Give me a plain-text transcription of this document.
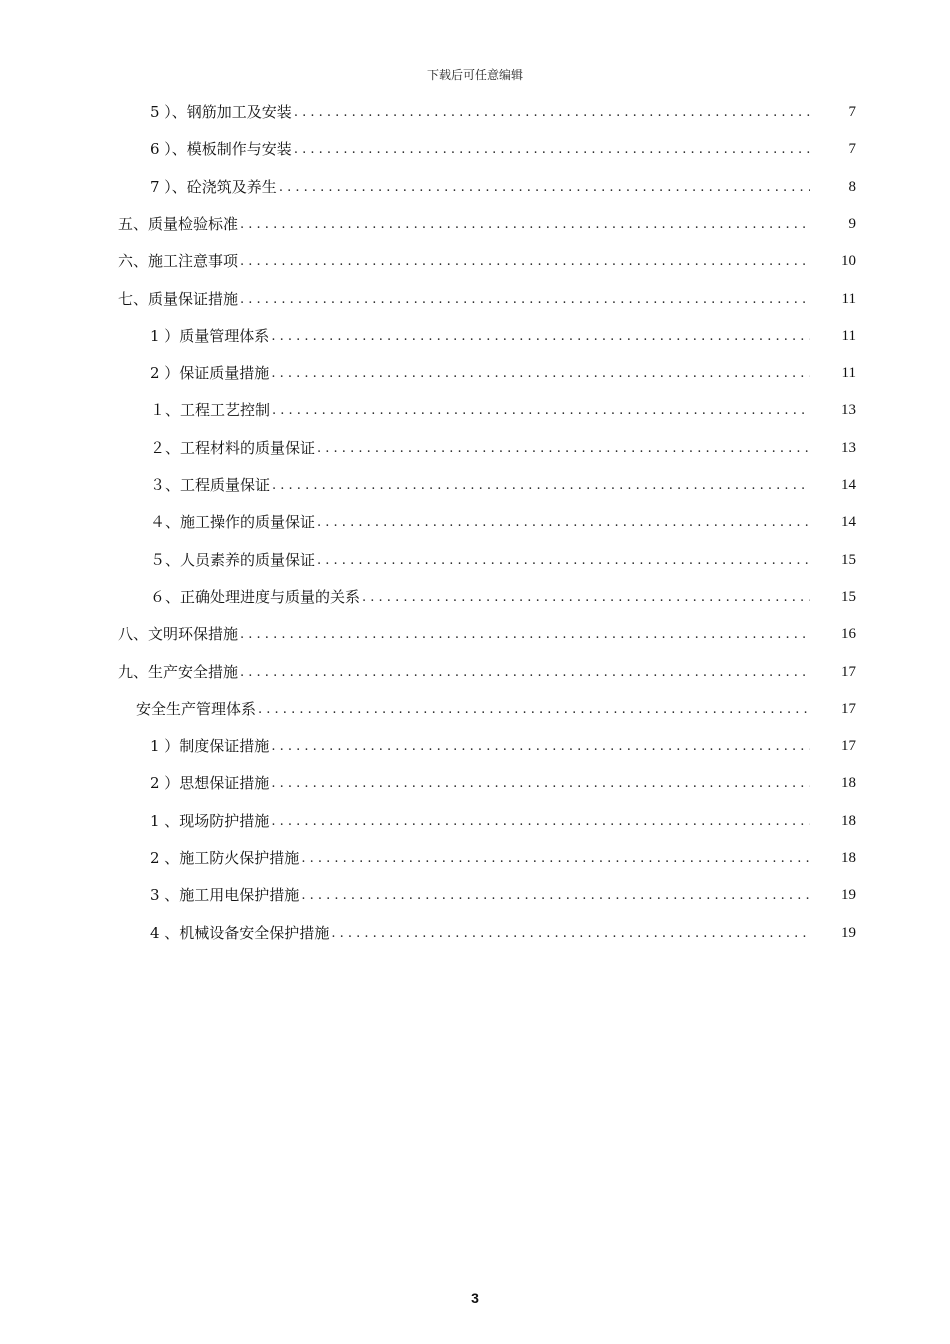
下载后可任意编辑
5 ）、钢筋加工及安装 . . .	7
6 ）、模板制作与安装 . . .	7
7 ）、砼浇筑及养生 . . .	8
五、质量检验标准 . . .	9
六、施工注意事项 . . .	10
七、质量保证措施 . . .	11
1 ）质量管理体系 . . .	11
2 ）保证质量措施 . . .	11
１、工程工艺控制 . . .	13
２、工程材料的质量保证 . . .	13
３、工程质量保证 . . .	14
４、施工操作的质量保证 . . .	14
５、人员素养的质量保证 . . .	15
６、正确处理进度与质量的关系 . . .	15
八、文明环保措施 . . .	16
九、生产安全措施 . . .	17
安全生产管理体系 . . .	17
1 ）制度保证措施 . . .	17
2 ）思想保证措施 . . .	18
1 、现场防护措施 . . .	18
2 、施工防火保护措施 . . .	18
3 、施工用电保护措施 . . .	19
4 、机械设备安全保护措施 . . .	19
3
